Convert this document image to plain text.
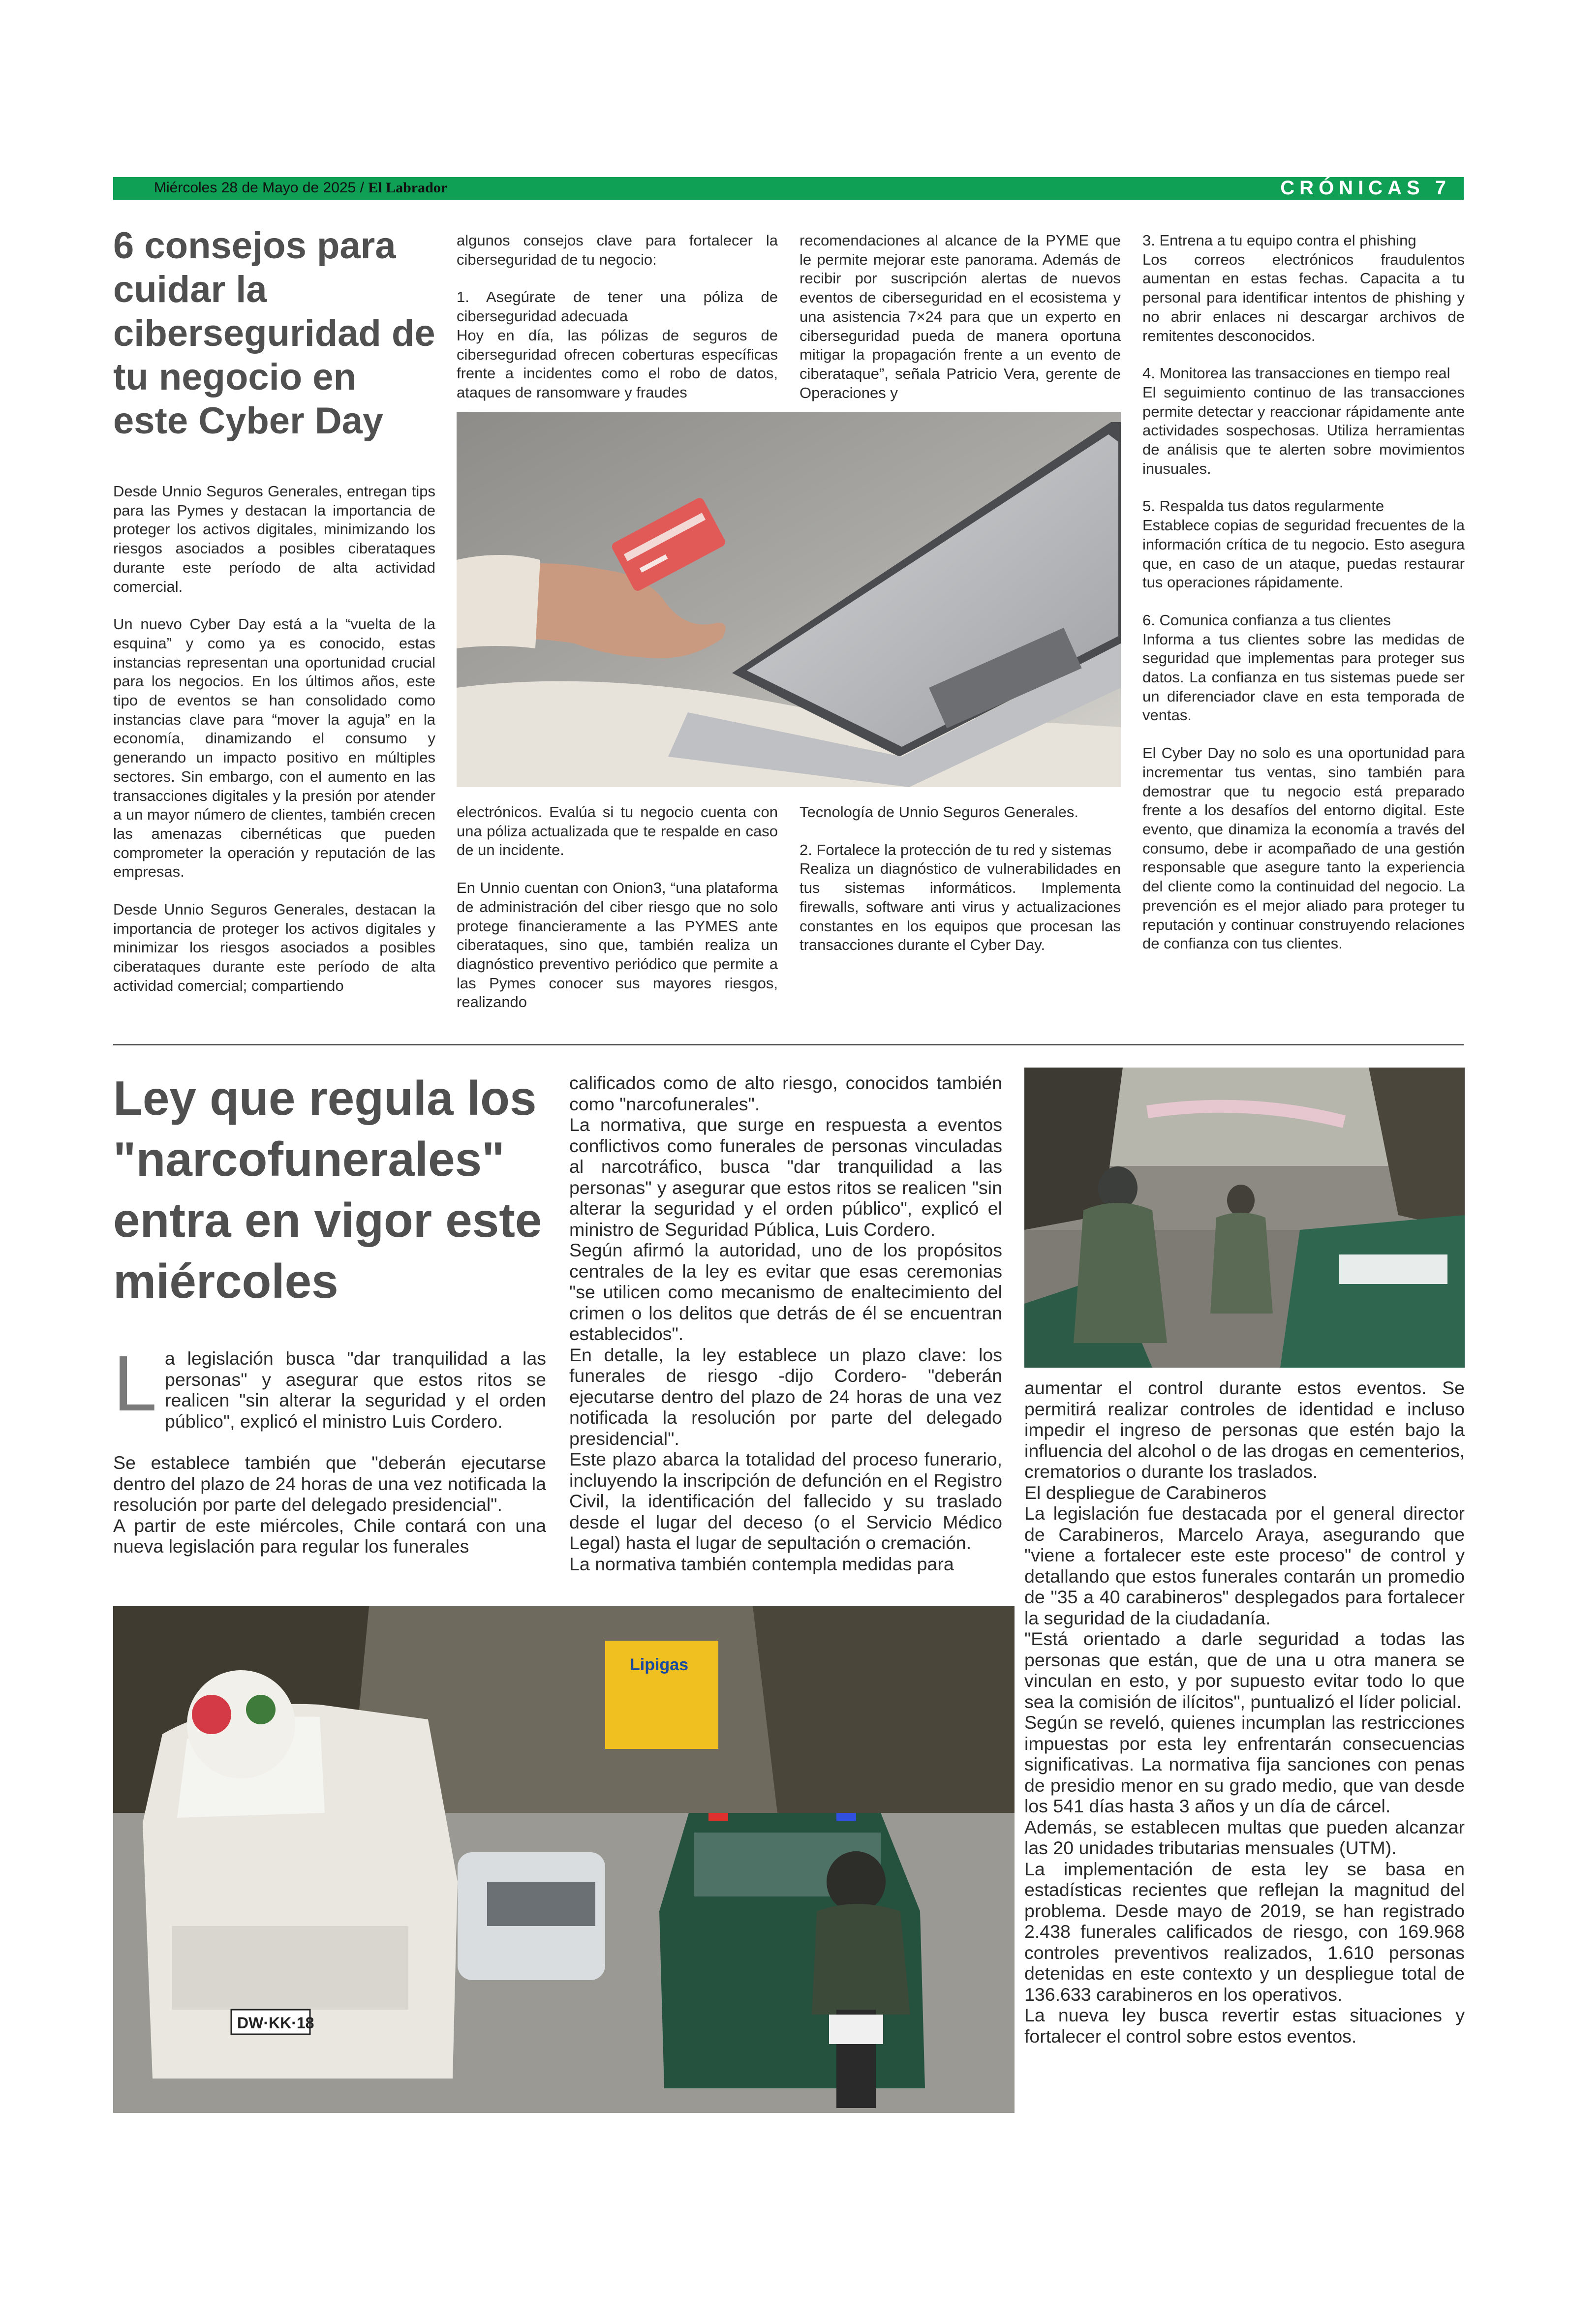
Miércoles 28 de Mayo de 2025 / El Labrador	CRÓNICAS 7
6 consejos para cuidar la ciberseguridad de tu negocio en este Cyber Day

Desde Unnio Seguros Generales, entregan tips para las Pymes y destacan la importancia de proteger los activos digitales, minimizando los riesgos asociados a posibles ciberataques durante este período de alta actividad comercial.

Un nuevo Cyber Day está a la “vuelta de la esquina” y como ya es conocido, estas instancias representan una oportunidad crucial para los negocios. En los últimos años, este tipo de eventos se han consolidado como instancias clave para “mover la aguja” en la economía, dinamizando el consumo y generando un impacto positivo en múltiples sectores. Sin embargo, con el aumento en las transacciones digitales y la presión por atender a un mayor número de clientes, también crecen las amenazas cibernéticas que pueden comprometer la operación y reputación de las empresas.

Desde Unnio Seguros Generales, destacan la importancia de proteger los activos digitales y minimizar los riesgos asociados a posibles ciberataques durante este período de alta actividad comercial; compartiendo

algunos consejos clave para fortalecer la ciberseguridad de tu negocio:

1. Asegúrate de tener una póliza de ciberseguridad adecuada
Hoy en día, las pólizas de seguros de ciberseguridad ofrecen coberturas específicas frente a incidentes como el robo de datos, ataques de ransomware y fraudes

recomendaciones al alcance de la PYME que le permite mejorar este panorama. Además de recibir por suscripción alertas de nuevos eventos de ciberseguridad en el ecosistema y una asistencia 7×24 para que un experto en ciberseguridad pueda de manera oportuna mitigar la propagación frente a un evento de ciberataque”, señala Patricio Vera, gerente de Operaciones y

electrónicos. Evalúa si tu negocio cuenta con una póliza actualizada que te respalde en caso de un incidente.

En Unnio cuentan con Onion3, “una plataforma de administración del ciber riesgo que no solo protege financieramente a las PYMES ante ciberataques, sino que, también realiza un diagnóstico preventivo periódico que permite a las Pymes conocer sus mayores riesgos, realizando

Tecnología de Unnio Seguros Generales.

2. Fortalece la protección de tu red y sistemas
Realiza un diagnóstico de vulnerabilidades en tus sistemas informáticos. Implementa firewalls, software anti virus y actualizaciones constantes en los equipos que procesan las transacciones durante el Cyber Day.

3. Entrena a tu equipo contra el phishing
Los correos electrónicos fraudulentos aumentan en estas fechas. Capacita a tu personal para identificar intentos de phishing y no abrir enlaces ni descargar archivos de remitentes desconocidos.

4. Monitorea las transacciones en tiempo real
El seguimiento continuo de las transacciones permite detectar y reaccionar rápidamente ante actividades sospechosas. Utiliza herramientas de análisis que te alerten sobre movimientos inusuales.

5. Respalda tus datos regularmente
Establece copias de seguridad frecuentes de la información crítica de tu negocio. Esto asegura que, en caso de un ataque, puedas restaurar tus operaciones rápidamente.

6. Comunica confianza a tus clientes
Informa a tus clientes sobre las medidas de seguridad que implementas para proteger sus datos. La confianza en tus sistemas puede ser un diferenciador clave en esta temporada de ventas.

El Cyber Day no solo es una oportunidad para incrementar tus ventas, sino también para demostrar que tu negocio está preparado frente a los desafíos del entorno digital. Este evento, que dinamiza la economía a través del consumo, debe ir acompañado de una gestión responsable que asegure tanto la experiencia del cliente como la continuidad del negocio. La prevención es el mejor aliado para proteger tu reputación y continuar construyendo relaciones de confianza con tus clientes.

Ley que regula los "narcofunerales" entra en vigor este miércoles

La legislación busca "dar tranquilidad a las personas" y asegurar que estos ritos se realicen "sin alterar la seguridad y el orden público", explicó el ministro Luis Cordero.

Se establece también que "deberán ejecutarse dentro del plazo de 24 horas de una vez notificada la resolución por parte del delegado presidencial".

A partir de este miércoles, Chile contará con una nueva legislación para regular los funerales

calificados como de alto riesgo, conocidos también como "narcofunerales".

La normativa, que surge en respuesta a eventos conflictivos como funerales de personas vinculadas al narcotráfico, busca "dar tranquilidad a las personas" y asegurar que estos ritos se realicen "sin alterar la seguridad y el orden público", explicó el ministro de Seguridad Pública, Luis Cordero.

Según afirmó la autoridad, uno de los propósitos centrales de la ley es evitar que esas ceremonias "se utilicen como mecanismo de enaltecimiento del crimen o los delitos que detrás de él se encuentran establecidos".

En detalle, la ley establece un plazo clave: los funerales de riesgo -dijo Cordero- "deberán ejecutarse dentro del plazo de 24 horas de una vez notificada la resolución por parte del delegado presidencial".

Este plazo abarca la totalidad del proceso funerario, incluyendo la inscripción de defunción en el Registro Civil, la identificación del fallecido y su traslado desde el lugar del deceso (o el Servicio Médico Legal) hasta el lugar de sepultación o cremación.

La normativa también contempla medidas para

aumentar el control durante estos eventos. Se permitirá realizar controles de identidad e incluso impedir el ingreso de personas que estén bajo la influencia del alcohol o de las drogas en cementerios, crematorios o durante los traslados.

El despliegue de Carabineros

La legislación fue destacada por el general director de Carabineros, Marcelo Araya, asegurando que "viene a fortalecer este este proceso" de control y detallando que estos funerales contarán un promedio de "35 a 40 carabineros" desplegados para fortalecer la seguridad de la ciudadanía.

"Está orientado a darle seguridad a todas las personas que están, que de una u otra manera se vinculan en esto, y por supuesto evitar todo lo que sea la comisión de ilícitos", puntualizó el líder policial.

Según se reveló, quienes incumplan las restricciones impuestas por esta ley enfrentarán consecuencias significativas. La normativa fija sanciones con penas de presidio menor en su grado medio, que van desde los 541 días hasta 3 años y un día de cárcel.

Además, se establecen multas que pueden alcanzar las 20 unidades tributarias mensuales (UTM).

La implementación de esta ley se basa en estadísticas recientes que reflejan la magnitud del problema. Desde mayo de 2019, se han registrado 2.438 funerales calificados de riesgo, con 169.968 controles preventivos realizados, 1.610 personas detenidas en este contexto y un despliegue total de 136.633 carabineros en los operativos.

La nueva ley busca revertir estas situaciones y fortalecer el control sobre estos eventos.

Lipigas
DW·KK·18
